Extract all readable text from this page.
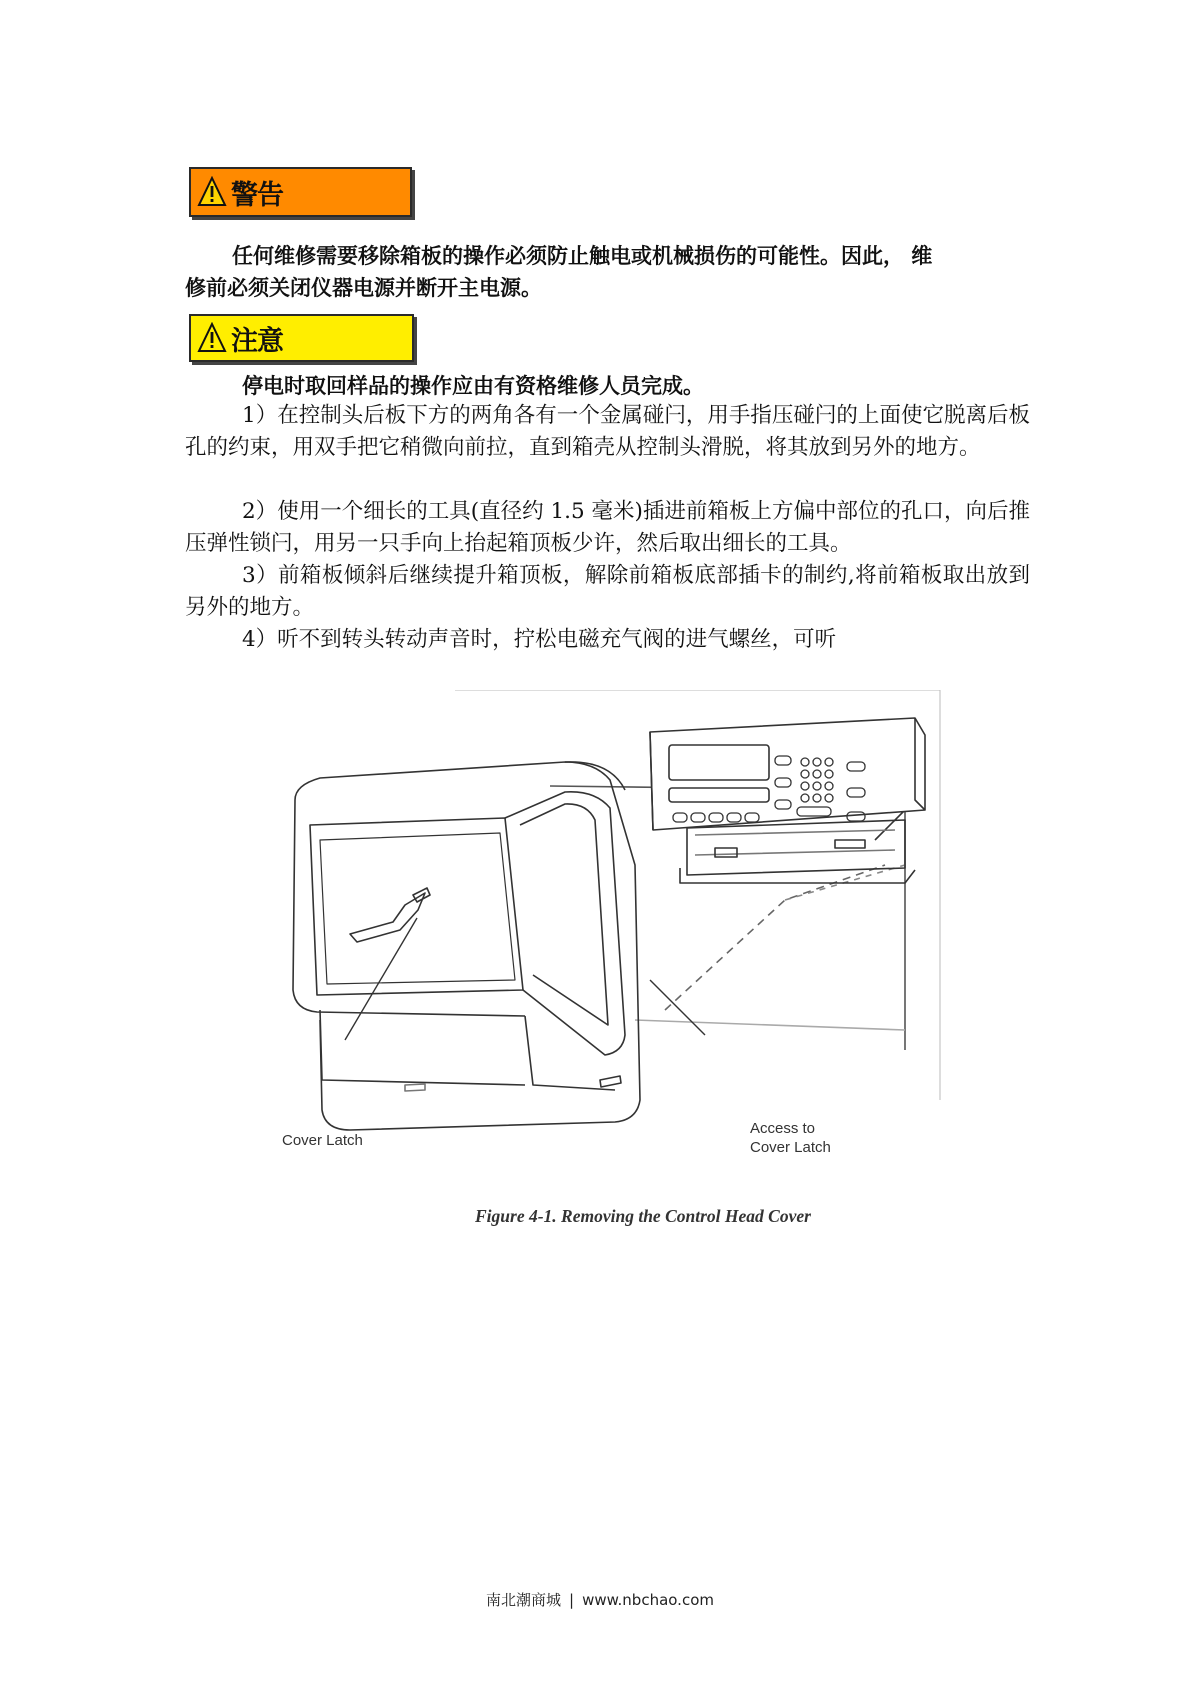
警告
任何维修需要移除箱板的操作必须防止触电或机械损伤的可能性。因此， 维
修前必须关闭仪器电源并断开主电源。
注意
停电时取回样品的操作应由有资格维修人员完成。
1）在控制头后板下方的两角各有一个金属碰闩，用手指压碰闩的上面使它脱离后板孔的约束，用双手把它稍微向前拉，直到箱壳从控制头滑脱，将其放到另外的地方。
2）使用一个细长的工具(直径约 1.5 毫米)插进前箱板上方偏中部位的孔口，向后推压弹性锁闩，用另一只手向上抬起箱顶板少许，然后取出细长的工具。
3）前箱板倾斜后继续提升箱顶板，解除前箱板底部插卡的制约,将前箱板取出放到另外的地方。
4）听不到转头转动声音时，拧松电磁充气阀的进气螺丝，可听
Cover Latch
Access to
Cover Latch
Figure 4-1. Removing the Control Head Cover
南北潮商城 | www.nbchao.com
